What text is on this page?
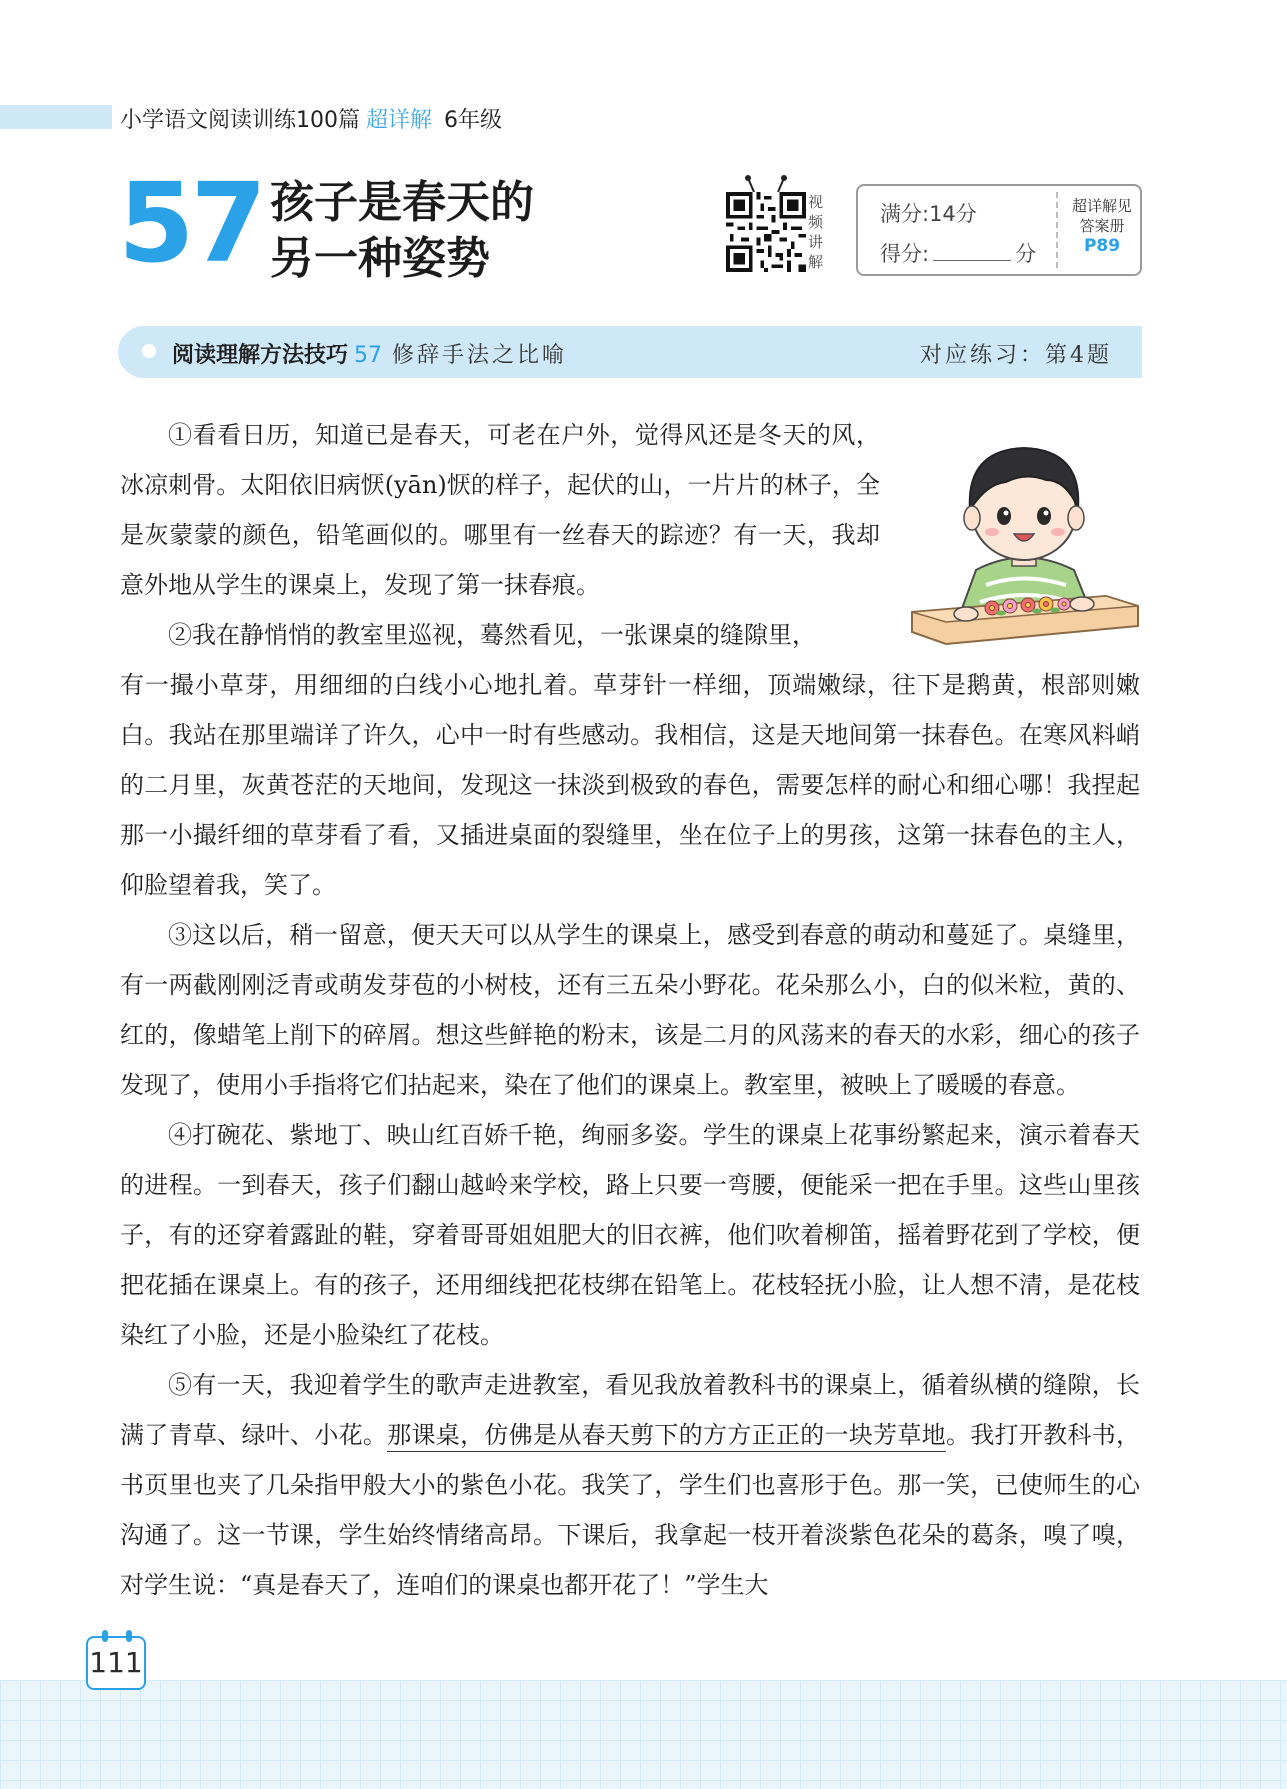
小学语文阅读训练100篇 超详解 6年级
57 孩子是春天的
另一种姿势
视
频
讲
解
满分:14分
得分:	分
超详解见
答案册
P89
阅读理解方法技巧 57 修辞手法之比喻	对应练习：第4题

①看看日历，知道已是春天，可老在户外，觉得风还是冬天的风，冰凉刺骨。太阳依旧病恹(yān)恹的样子，起伏的山，一片片的林子，全是灰蒙蒙的颜色，铅笔画似的。哪里有一丝春天的踪迹？有一天，我却意外地从学生的课桌上，发现了第一抹春痕。

②我在静悄悄的教室里巡视，蓦然看见，一张课桌的缝隙里，

有一撮小草芽，用细细的白线小心地扎着。草芽针一样细，顶端嫩绿，往下是鹅黄，根部则嫩白。我站在那里端详了许久，心中一时有些感动。我相信，这是天地间第一抹春色。在寒风料峭的二月里，灰黄苍茫的天地间，发现这一抹淡到极致的春色，需要怎样的耐心和细心哪！我捏起那一小撮纤细的草芽看了看，又插进桌面的裂缝里，坐在位子上的男孩，这第一抹春色的主人，仰脸望着我，笑了。

③这以后，稍一留意，便天天可以从学生的课桌上，感受到春意的萌动和蔓延了。桌缝里，有一两截刚刚泛青或萌发芽苞的小树枝，还有三五朵小野花。花朵那么小，白的似米粒，黄的、红的，像蜡笔上削下的碎屑。想这些鲜艳的粉末，该是二月的风荡来的春天的水彩，细心的孩子发现了，使用小手指将它们拈起来，染在了他们的课桌上。教室里，被映上了暖暖的春意。

④打碗花、紫地丁、映山红百娇千艳，绚丽多姿。学生的课桌上花事纷繁起来，演示着春天的进程。一到春天，孩子们翻山越岭来学校，路上只要一弯腰，便能采一把在手里。这些山里孩子，有的还穿着露趾的鞋，穿着哥哥姐姐肥大的旧衣裤，他们吹着柳笛，摇着野花到了学校，便把花插在课桌上。有的孩子，还用细线把花枝绑在铅笔上。花枝轻抚小脸，让人想不清，是花枝染红了小脸，还是小脸染红了花枝。

⑤有一天，我迎着学生的歌声走进教室，看见我放着教科书的课桌上，循着纵横的缝隙，长满了青草、绿叶、小花。那课桌，仿佛是从春天剪下的方方正正的一块芳草地。我打开教科书，书页里也夹了几朵指甲般大小的紫色小花。我笑了，学生们也喜形于色。那一笑，已使师生的心沟通了。这一节课，学生始终情绪高昂。下课后，我拿起一枝开着淡紫色花朵的葛条，嗅了嗅，对学生说：“真是春天了，连咱们的课桌也都开花了！”学生大

111
